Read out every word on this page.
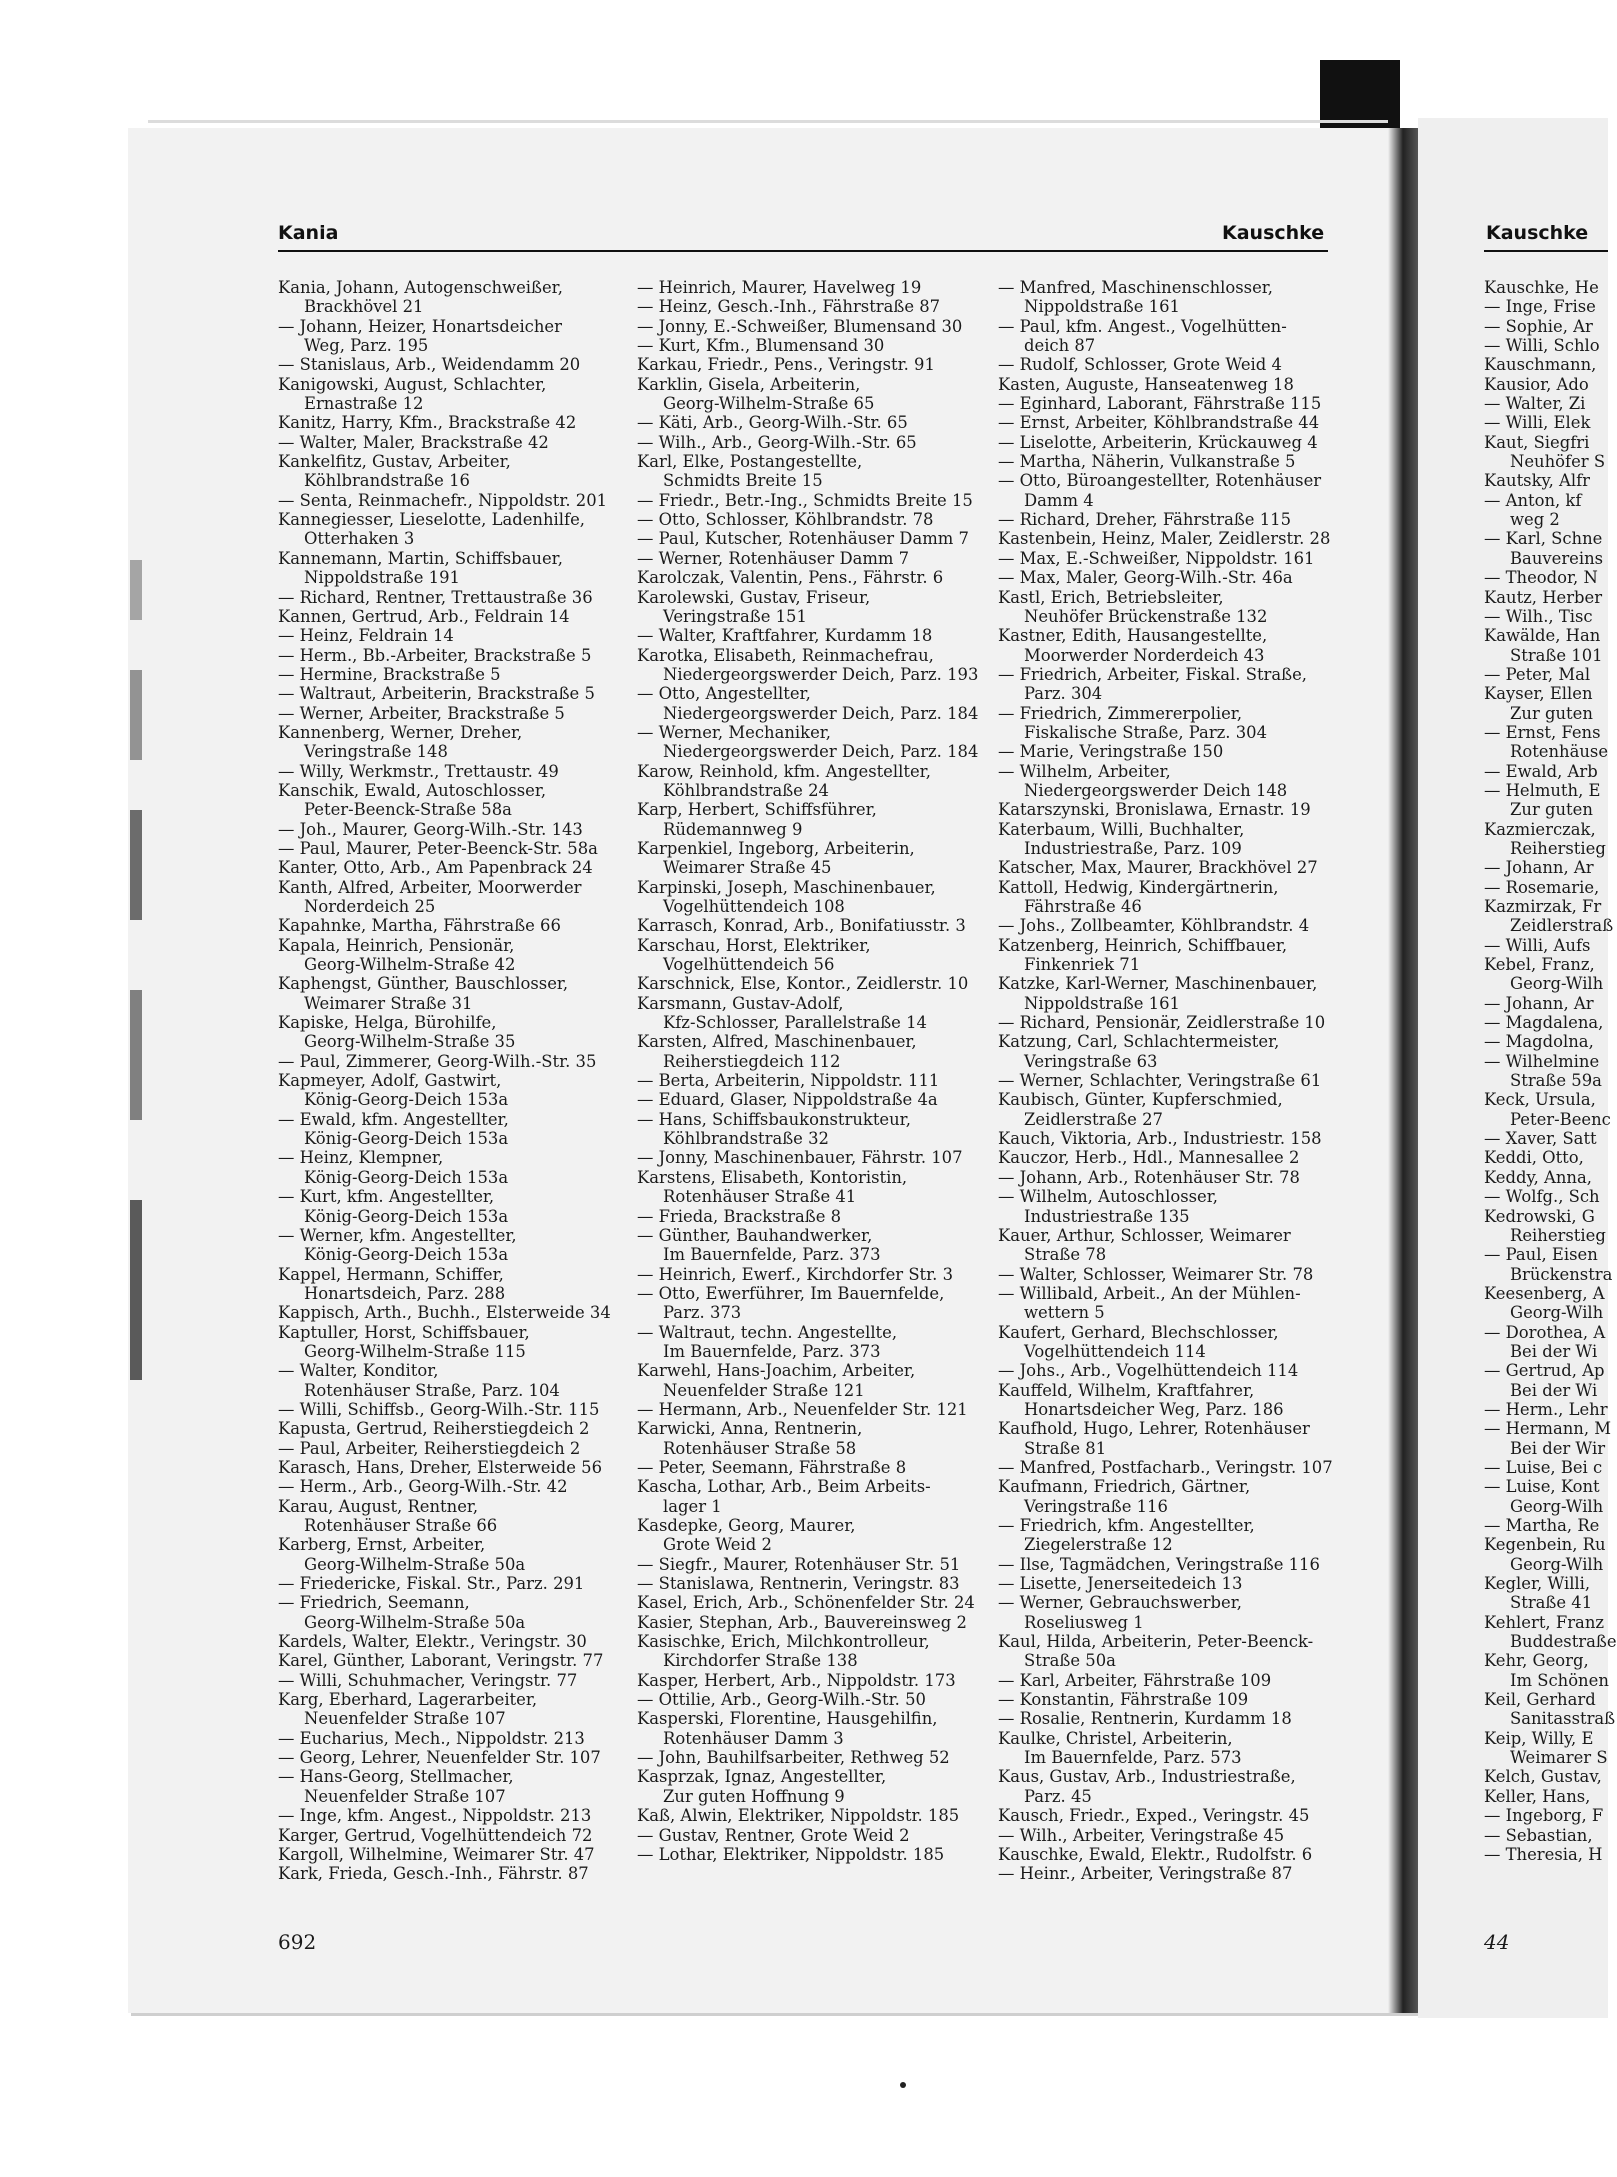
Kania	Kauschke
Kania, Johann, Autogenschweißer,
Brackhövel 21
— Johann, Heizer, Honartsdeicher
Weg, Parz. 195
— Stanislaus, Arb., Weidendamm 20
Kanigowski, August, Schlachter,
Ernastraße 12
Kanitz, Harry, Kfm., Brackstraße 42
— Walter, Maler, Brackstraße 42
Kankelfitz, Gustav, Arbeiter,
Köhlbrandstraße 16
— Senta, Reinmachefr., Nippoldstr. 201
Kannegiesser, Lieselotte, Ladenhilfe,
Otterhaken 3
Kannemann, Martin, Schiffsbauer,
Nippoldstraße 191
— Richard, Rentner, Trettaustraße 36
Kannen, Gertrud, Arb., Feldrain 14
— Heinz, Feldrain 14
— Herm., Bb.-Arbeiter, Brackstraße 5
— Hermine, Brackstraße 5
— Waltraut, Arbeiterin, Brackstraße 5
— Werner, Arbeiter, Brackstraße 5
Kannenberg, Werner, Dreher,
Veringstraße 148
— Willy, Werkmstr., Trettaustr. 49
Kanschik, Ewald, Autoschlosser,
Peter-Beenck-Straße 58a
— Joh., Maurer, Georg-Wilh.-Str. 143
— Paul, Maurer, Peter-Beenck-Str. 58a
Kanter, Otto, Arb., Am Papenbrack 24
Kanth, Alfred, Arbeiter, Moorwerder
Norderdeich 25
Kapahnke, Martha, Fährstraße 66
Kapala, Heinrich, Pensionär,
Georg-Wilhelm-Straße 42
Kaphengst, Günther, Bauschlosser,
Weimarer Straße 31
Kapiske, Helga, Bürohilfe,
Georg-Wilhelm-Straße 35
— Paul, Zimmerer, Georg-Wilh.-Str. 35
Kapmeyer, Adolf, Gastwirt,
König-Georg-Deich 153a
— Ewald, kfm. Angestellter,
König-Georg-Deich 153a
— Heinz, Klempner,
König-Georg-Deich 153a
— Kurt, kfm. Angestellter,
König-Georg-Deich 153a
— Werner, kfm. Angestellter,
König-Georg-Deich 153a
Kappel, Hermann, Schiffer,
Honartsdeich, Parz. 288
Kappisch, Arth., Buchh., Elsterweide 34
Kaptuller, Horst, Schiffsbauer,
Georg-Wilhelm-Straße 115
— Walter, Konditor,
Rotenhäuser Straße, Parz. 104
— Willi, Schiffsb., Georg-Wilh.-Str. 115
Kapusta, Gertrud, Reiherstiegdeich 2
— Paul, Arbeiter, Reiherstiegdeich 2
Karasch, Hans, Dreher, Elsterweide 56
— Herm., Arb., Georg-Wilh.-Str. 42
Karau, August, Rentner,
Rotenhäuser Straße 66
Karberg, Ernst, Arbeiter,
Georg-Wilhelm-Straße 50a
— Friedericke, Fiskal. Str., Parz. 291
— Friedrich, Seemann,
Georg-Wilhelm-Straße 50a
Kardels, Walter, Elektr., Veringstr. 30
Karel, Günther, Laborant, Veringstr. 77
— Willi, Schuhmacher, Veringstr. 77
Karg, Eberhard, Lagerarbeiter,
Neuenfelder Straße 107
— Eucharius, Mech., Nippoldstr. 213
— Georg, Lehrer, Neuenfelder Str. 107
— Hans-Georg, Stellmacher,
Neuenfelder Straße 107
— Inge, kfm. Angest., Nippoldstr. 213
Karger, Gertrud, Vogelhüttendeich 72
Kargoll, Wilhelmine, Weimarer Str. 47
Kark, Frieda, Gesch.-Inh., Fährstr. 87
— Heinrich, Maurer, Havelweg 19
— Heinz, Gesch.-Inh., Fährstraße 87
— Jonny, E.-Schweißer, Blumensand 30
— Kurt, Kfm., Blumensand 30
Karkau, Friedr., Pens., Veringstr. 91
Karklin, Gisela, Arbeiterin,
Georg-Wilhelm-Straße 65
— Käti, Arb., Georg-Wilh.-Str. 65
— Wilh., Arb., Georg-Wilh.-Str. 65
Karl, Elke, Postangestellte,
Schmidts Breite 15
— Friedr., Betr.-Ing., Schmidts Breite 15
— Otto, Schlosser, Köhlbrandstr. 78
— Paul, Kutscher, Rotenhäuser Damm 7
— Werner, Rotenhäuser Damm 7
Karolczak, Valentin, Pens., Fährstr. 6
Karolewski, Gustav, Friseur,
Veringstraße 151
— Walter, Kraftfahrer, Kurdamm 18
Karotka, Elisabeth, Reinmachefrau,
Niedergeorgswerder Deich, Parz. 193
— Otto, Angestellter,
Niedergeorgswerder Deich, Parz. 184
— Werner, Mechaniker,
Niedergeorgswerder Deich, Parz. 184
Karow, Reinhold, kfm. Angestellter,
Köhlbrandstraße 24
Karp, Herbert, Schiffsführer,
Rüdemannweg 9
Karpenkiel, Ingeborg, Arbeiterin,
Weimarer Straße 45
Karpinski, Joseph, Maschinenbauer,
Vogelhüttendeich 108
Karrasch, Konrad, Arb., Bonifatiusstr. 3
Karschau, Horst, Elektriker,
Vogelhüttendeich 56
Karschnick, Else, Kontor., Zeidlerstr. 10
Karsmann, Gustav-Adolf,
Kfz-Schlosser, Parallelstraße 14
Karsten, Alfred, Maschinenbauer,
Reiherstiegdeich 112
— Berta, Arbeiterin, Nippoldstr. 111
— Eduard, Glaser, Nippoldstraße 4a
— Hans, Schiffsbaukonstrukteur,
Köhlbrandstraße 32
— Jonny, Maschinenbauer, Fährstr. 107
Karstens, Elisabeth, Kontoristin,
Rotenhäuser Straße 41
— Frieda, Brackstraße 8
— Günther, Bauhandwerker,
Im Bauernfelde, Parz. 373
— Heinrich, Ewerf., Kirchdorfer Str. 3
— Otto, Ewerführer, Im Bauernfelde,
Parz. 373
— Waltraut, techn. Angestellte,
Im Bauernfelde, Parz. 373
Karwehl, Hans-Joachim, Arbeiter,
Neuenfelder Straße 121
— Hermann, Arb., Neuenfelder Str. 121
Karwicki, Anna, Rentnerin,
Rotenhäuser Straße 58
— Peter, Seemann, Fährstraße 8
Kascha, Lothar, Arb., Beim Arbeits-
lager 1
Kasdepke, Georg, Maurer,
Grote Weid 2
— Siegfr., Maurer, Rotenhäuser Str. 51
— Stanislawa, Rentnerin, Veringstr. 83
Kasel, Erich, Arb., Schönenfelder Str. 24
Kasier, Stephan, Arb., Bauvereinsweg 2
Kasischke, Erich, Milchkontrolleur,
Kirchdorfer Straße 138
Kasper, Herbert, Arb., Nippoldstr. 173
— Ottilie, Arb., Georg-Wilh.-Str. 50
Kasperski, Florentine, Hausgehilfin,
Rotenhäuser Damm 3
— John, Bauhilfsarbeiter, Rethweg 52
Kasprzak, Ignaz, Angestellter,
Zur guten Hoffnung 9
Kaß, Alwin, Elektriker, Nippoldstr. 185
— Gustav, Rentner, Grote Weid 2
— Lothar, Elektriker, Nippoldstr. 185
— Manfred, Maschinenschlosser,
Nippoldstraße 161
— Paul, kfm. Angest., Vogelhütten-
deich 87
— Rudolf, Schlosser, Grote Weid 4
Kasten, Auguste, Hanseatenweg 18
— Eginhard, Laborant, Fährstraße 115
— Ernst, Arbeiter, Köhlbrandstraße 44
— Liselotte, Arbeiterin, Krückauweg 4
— Martha, Näherin, Vulkanstraße 5
— Otto, Büroangestellter, Rotenhäuser
Damm 4
— Richard, Dreher, Fährstraße 115
Kastenbein, Heinz, Maler, Zeidlerstr. 28
— Max, E.-Schweißer, Nippoldstr. 161
— Max, Maler, Georg-Wilh.-Str. 46a
Kastl, Erich, Betriebsleiter,
Neuhöfer Brückenstraße 132
Kastner, Edith, Hausangestellte,
Moorwerder Norderdeich 43
— Friedrich, Arbeiter, Fiskal. Straße,
Parz. 304
— Friedrich, Zimmererpolier,
Fiskalische Straße, Parz. 304
— Marie, Veringstraße 150
— Wilhelm, Arbeiter,
Niedergeorgswerder Deich 148
Katarszynski, Bronislawa, Ernastr. 19
Katerbaum, Willi, Buchhalter,
Industriestraße, Parz. 109
Katscher, Max, Maurer, Brackhövel 27
Kattoll, Hedwig, Kindergärtnerin,
Fährstraße 46
— Johs., Zollbeamter, Köhlbrandstr. 4
Katzenberg, Heinrich, Schiffbauer,
Finkenriek 71
Katzke, Karl-Werner, Maschinenbauer,
Nippoldstraße 161
— Richard, Pensionär, Zeidlerstraße 10
Katzung, Carl, Schlachtermeister,
Veringstraße 63
— Werner, Schlachter, Veringstraße 61
Kaubisch, Günter, Kupferschmied,
Zeidlerstraße 27
Kauch, Viktoria, Arb., Industriestr. 158
Kauczor, Herb., Hdl., Mannesallee 2
— Johann, Arb., Rotenhäuser Str. 78
— Wilhelm, Autoschlosser,
Industriestraße 135
Kauer, Arthur, Schlosser, Weimarer
Straße 78
— Walter, Schlosser, Weimarer Str. 78
— Willibald, Arbeit., An der Mühlen-
wettern 5
Kaufert, Gerhard, Blechschlosser,
Vogelhüttendeich 114
— Johs., Arb., Vogelhüttendeich 114
Kauffeld, Wilhelm, Kraftfahrer,
Honartsdeicher Weg, Parz. 186
Kaufhold, Hugo, Lehrer, Rotenhäuser
Straße 81
— Manfred, Postfacharb., Veringstr. 107
Kaufmann, Friedrich, Gärtner,
Veringstraße 116
— Friedrich, kfm. Angestellter,
Ziegelerstraße 12
— Ilse, Tagmädchen, Veringstraße 116
— Lisette, Jenerseitedeich 13
— Werner, Gebrauchswerber,
Roseliusweg 1
Kaul, Hilda, Arbeiterin, Peter-Beenck-
Straße 50a
— Karl, Arbeiter, Fährstraße 109
— Konstantin, Fährstraße 109
— Rosalie, Rentnerin, Kurdamm 18
Kaulke, Christel, Arbeiterin,
Im Bauernfelde, Parz. 573
Kaus, Gustav, Arb., Industriestraße,
Parz. 45
Kausch, Friedr., Exped., Veringstr. 45
— Wilh., Arbeiter, Veringstraße 45
Kauschke, Ewald, Elektr., Rudolfstr. 6
— Heinr., Arbeiter, Veringstraße 87
692
Kauschke
Kauschke, He
— Inge, Frise
— Sophie, Ar
— Willi, Schlo
Kauschmann,
Kausior, Ado
— Walter, Zi
— Willi, Elek
Kaut, Siegfri
Neuhöfer S
Kautsky, Alfr
— Anton, kf
weg 2
— Karl, Schne
Bauvereins
— Theodor, N
Kautz, Herber
— Wilh., Tisc
Kawälde, Han
Straße 101
— Peter, Mal
Kayser, Ellen
Zur guten
— Ernst, Fens
Rotenhäuse
— Ewald, Arb
— Helmuth, E
Zur guten
Kazmierczak,
Reiherstieg
— Johann, Ar
— Rosemarie,
Kazmirzak, Fr
Zeidlerstraß
— Willi, Aufs
Kebel, Franz,
Georg-Wilh
— Johann, Ar
— Magdalena,
— Magdolna,
— Wilhelmine
Straße 59a
Keck, Ursula,
Peter-Beenc
— Xaver, Satt
Keddi, Otto,
Keddy, Anna,
— Wolfg., Sch
Kedrowski, G
Reiherstieg
— Paul, Eisen
Brückenstra
Keesenberg, A
Georg-Wilh
— Dorothea, A
Bei der Wi
— Gertrud, Ap
Bei der Wi
— Herm., Lehr
— Hermann, M
Bei der Wir
— Luise, Bei c
— Luise, Kont
Georg-Wilh
— Martha, Re
Kegenbein, Ru
Georg-Wilh
Kegler, Willi,
Straße 41
Kehlert, Franz
Buddestraße
Kehr, Georg,
Im Schönen
Keil, Gerhard
Sanitasstraß
Keip, Willy, E
Weimarer S
Kelch, Gustav,
Keller, Hans,
— Ingeborg, F
— Sebastian,
— Theresia, H
44
